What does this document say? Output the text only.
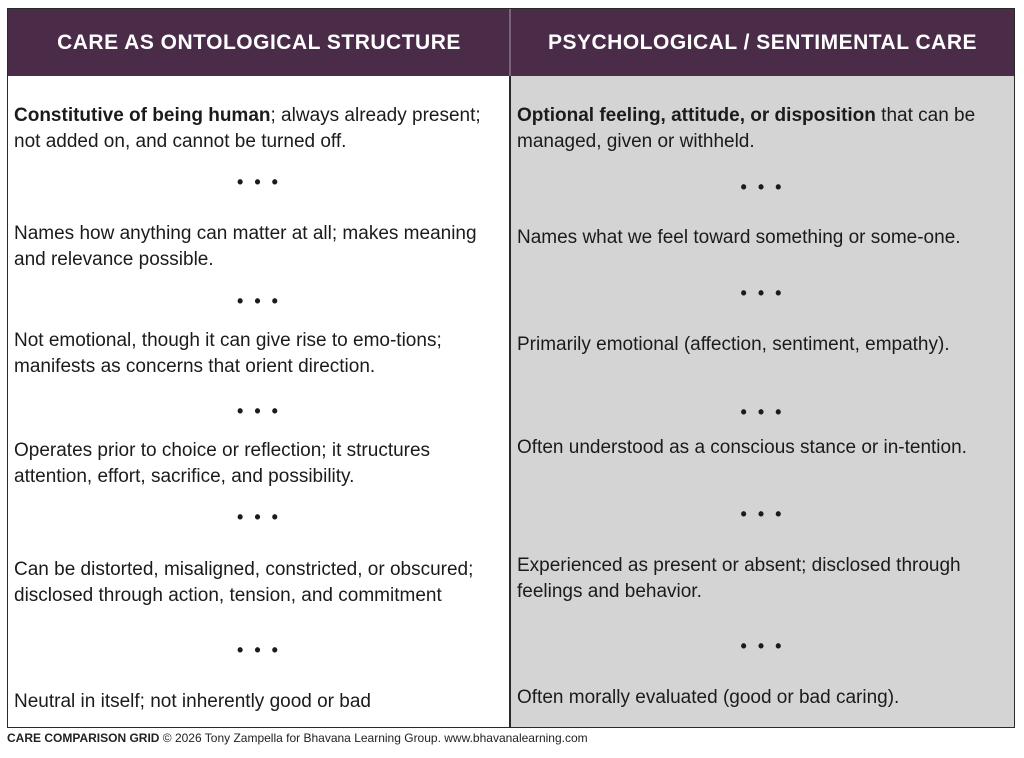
CARE AS ONTOLOGICAL STRUCTURE	PSYCHOLOGICAL / SENTIMENTAL CARE
Constitutive of being human; always already present; not added on, and cannot be turned off.
• • •
Names how anything can matter at all; makes meaning and relevance possible.
• • •
Not emotional, though it can give rise to emo-tions; manifests as concerns that orient direction.
• • •
Operates prior to choice or reflection; it structures attention, effort, sacrifice, and possibility.
• • •
Can be distorted, misaligned, constricted, or obscured; disclosed through action, tension, and commitment
• • •
Neutral in itself; not inherently good or bad
Optional feeling, attitude, or disposition that can be managed, given or withheld.
• • •
Names what we feel toward something or some-one.
• • •
Primarily emotional (affection, sentiment, empathy).
• • •
Often understood as a conscious stance or in-tention.
• • •
Experienced as present or absent; disclosed through feelings and behavior.
• • •
Often morally evaluated (good or bad caring).
CARE COMPARISON GRID © 2026 Tony Zampella for Bhavana Learning Group. www.bhavanalearning.com
